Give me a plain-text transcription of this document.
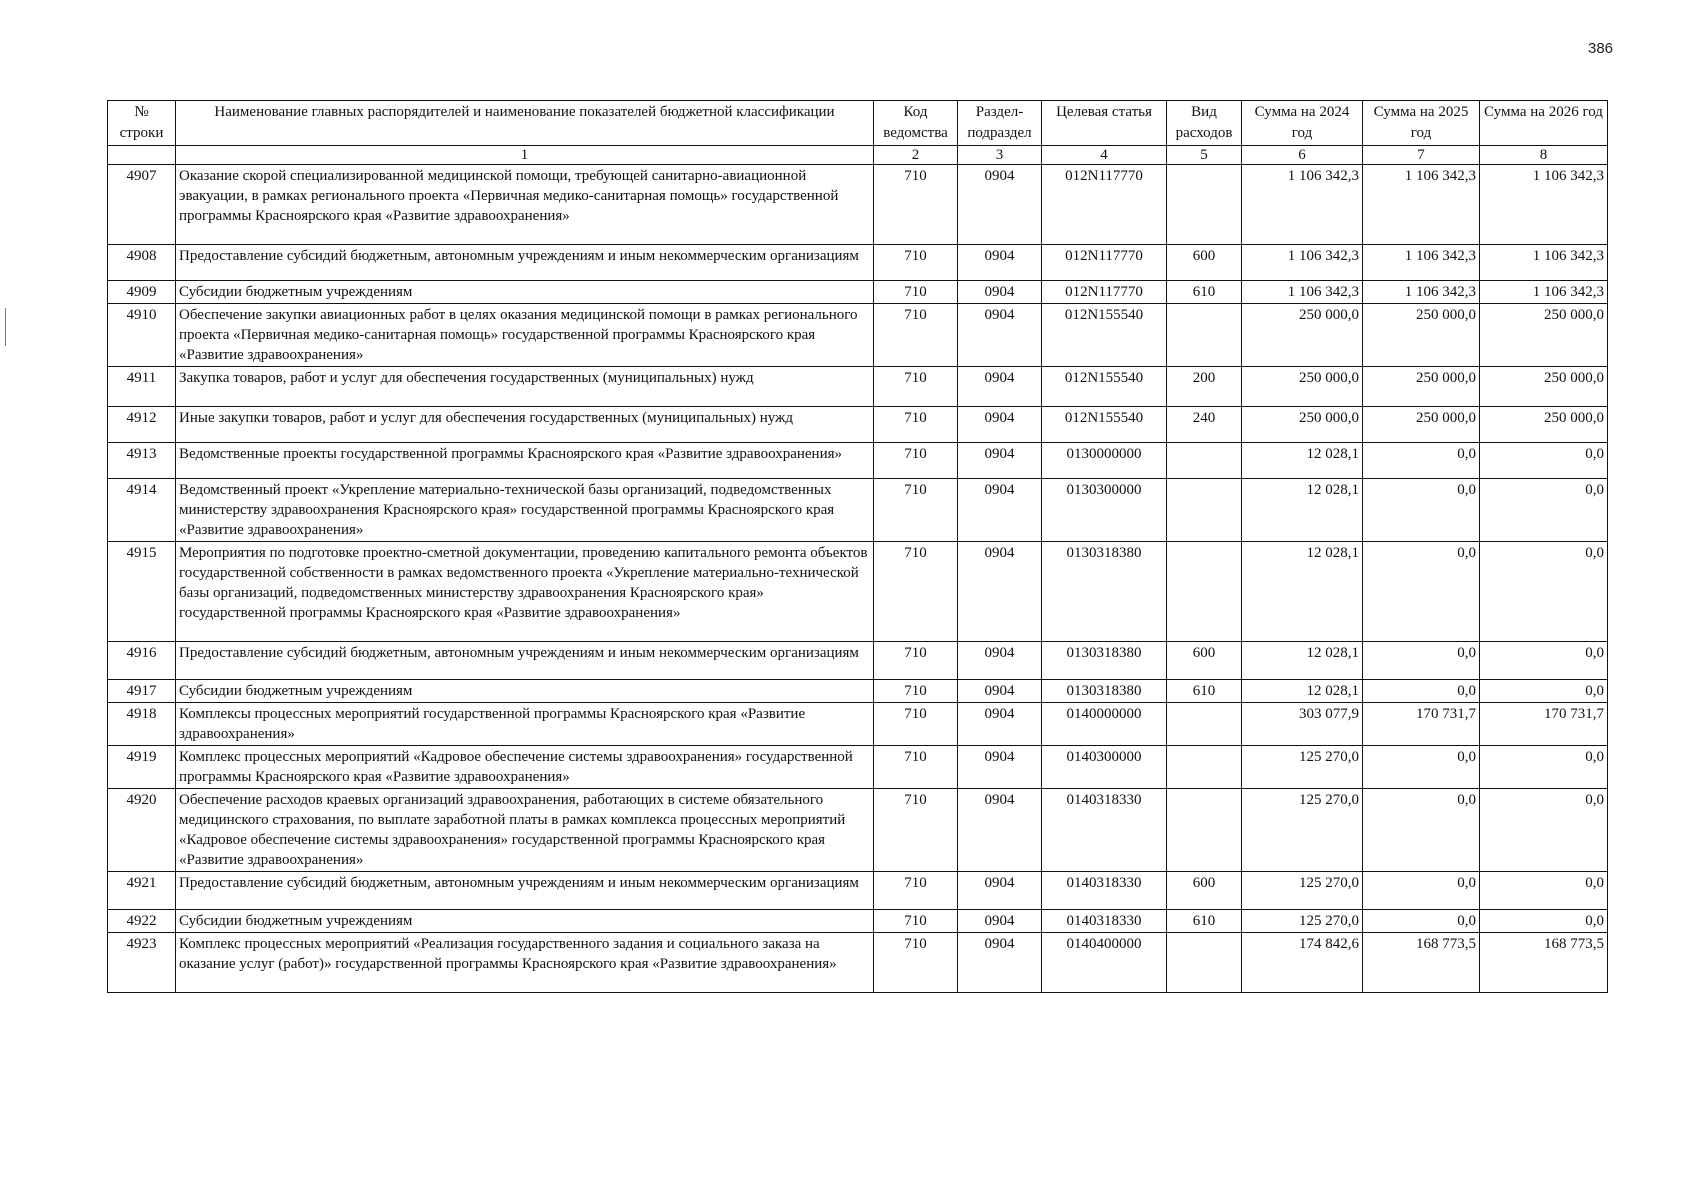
386
№ строки	Наименование главных распорядителей и наименование показателей бюджетной классификации	Код ведомства	Раздел-подраздел	Целевая статья	Вид расходов	Сумма на 2024 год	Сумма на 2025 год	Сумма на 2026 год

	1	2	3	4	5	6	7	8
4907	Оказание скорой специализированной медицинской помощи, требующей санитарно-авиационной эвакуации, в рамках регионального проекта «Первичная медико-санитарная помощь» государственной программы Красноярского края «Развитие здравоохранения»	710	0904	012N117770		1 106 342,3	1 106 342,3	1 106 342,3
4908	Предоставление субсидий бюджетным, автономным учреждениям и иным некоммерческим организациям	710	0904	012N117770	600	1 106 342,3	1 106 342,3	1 106 342,3
4909	Субсидии бюджетным учреждениям	710	0904	012N117770	610	1 106 342,3	1 106 342,3	1 106 342,3
4910	Обеспечение закупки авиационных работ в целях оказания медицинской помощи в рамках регионального проекта «Первичная медико-санитарная помощь» государственной программы Красноярского края «Развитие здравоохранения»	710	0904	012N155540		250 000,0	250 000,0	250 000,0
4911	Закупка товаров, работ и услуг для обеспечения государственных (муниципальных) нужд	710	0904	012N155540	200	250 000,0	250 000,0	250 000,0
4912	Иные закупки товаров, работ и услуг для обеспечения государственных (муниципальных) нужд	710	0904	012N155540	240	250 000,0	250 000,0	250 000,0
4913	Ведомственные проекты государственной программы Красноярского края «Развитие здравоохранения»	710	0904	0130000000		12 028,1	0,0	0,0
4914	Ведомственный проект «Укрепление материально-технической базы организаций, подведомственных министерству здравоохранения Красноярского края» государственной программы Красноярского края «Развитие здравоохранения»	710	0904	0130300000		12 028,1	0,0	0,0
4915	Мероприятия по подготовке проектно-сметной документации, проведению капитального ремонта объектов государственной собственности в рамках ведомственного проекта «Укрепление материально-технической базы организаций, подведомственных министерству здравоохранения Красноярского края» государственной программы Красноярского края «Развитие здравоохранения»	710	0904	0130318380		12 028,1	0,0	0,0
4916	Предоставление субсидий бюджетным, автономным учреждениям и иным некоммерческим организациям	710	0904	0130318380	600	12 028,1	0,0	0,0
4917	Субсидии бюджетным учреждениям	710	0904	0130318380	610	12 028,1	0,0	0,0
4918	Комплексы процессных мероприятий государственной программы Красноярского края «Развитие здравоохранения»	710	0904	0140000000		303 077,9	170 731,7	170 731,7
4919	Комплекс процессных мероприятий «Кадровое обеспечение системы здравоохранения» государственной программы Красноярского края «Развитие здравоохранения»	710	0904	0140300000		125 270,0	0,0	0,0
4920	Обеспечение расходов краевых организаций здравоохранения, работающих в системе обязательного медицинского страхования, по выплате заработной платы в рамках комплекса процессных мероприятий «Кадровое обеспечение системы здравоохранения» государственной программы Красноярского края «Развитие здравоохранения»	710	0904	0140318330		125 270,0	0,0	0,0
4921	Предоставление субсидий бюджетным, автономным учреждениям и иным некоммерческим организациям	710	0904	0140318330	600	125 270,0	0,0	0,0
4922	Субсидии бюджетным учреждениям	710	0904	0140318330	610	125 270,0	0,0	0,0
4923	Комплекс процессных мероприятий «Реализация государственного задания и социального заказа на оказание услуг (работ)» государственной программы Красноярского края «Развитие здравоохранения»	710	0904	0140400000		174 842,6	168 773,5	168 773,5
